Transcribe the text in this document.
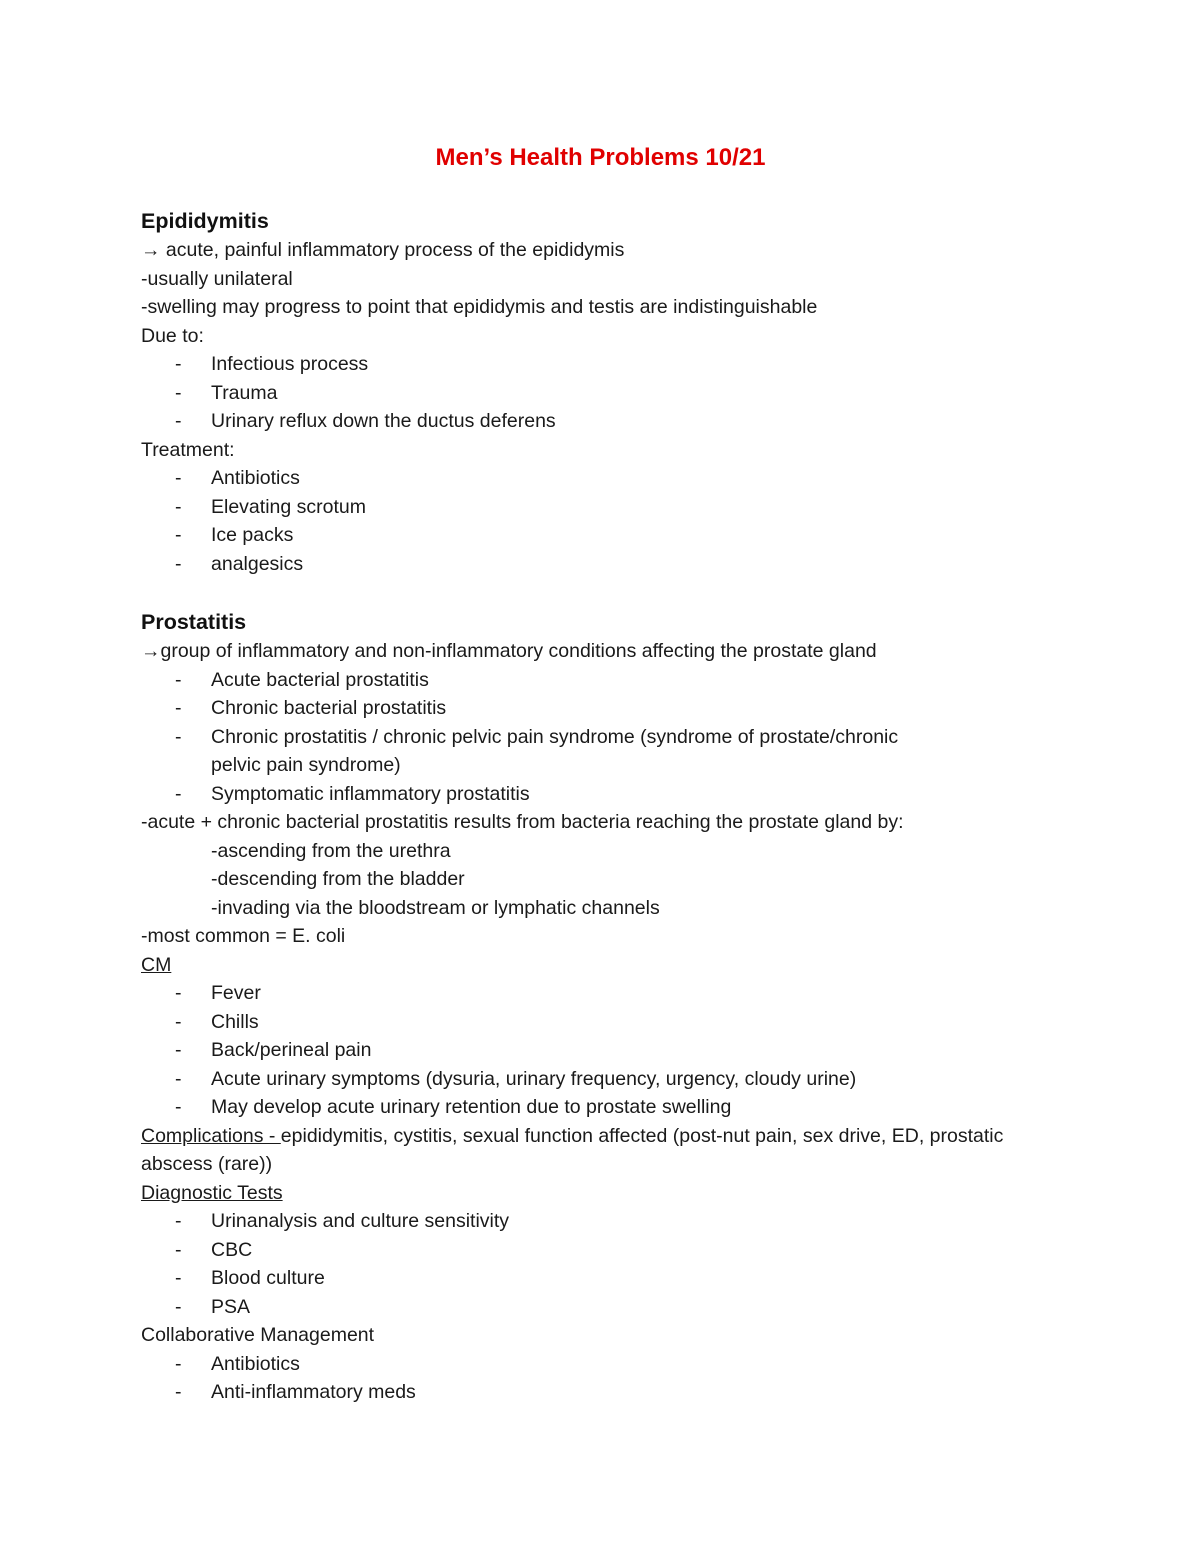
Men’s Health Problems 10/21
Epididymitis
→ acute, painful inflammatory process of the epididymis
-usually unilateral
-swelling may progress to point that epididymis and testis are indistinguishable
Due to:
- Infectious process
- Trauma
- Urinary reflux down the ductus deferens
Treatment:
- Antibiotics
- Elevating scrotum
- Ice packs
- analgesics
Prostatitis
→group of inflammatory and non-inflammatory conditions affecting the prostate gland
- Acute bacterial prostatitis
- Chronic bacterial prostatitis
- Chronic prostatitis / chronic pelvic pain syndrome (syndrome of prostate/chronic pelvic pain syndrome)
- Symptomatic inflammatory prostatitis
-acute + chronic bacterial prostatitis results from bacteria reaching the prostate gland by:
-ascending from the urethra
-descending from the bladder
-invading via the bloodstream or lymphatic channels
-most common = E. coli
CM
- Fever
- Chills
- Back/perineal pain
- Acute urinary symptoms (dysuria, urinary frequency, urgency, cloudy urine)
- May develop acute urinary retention due to prostate swelling
Complications - epididymitis, cystitis, sexual function affected (post-nut pain, sex drive, ED, prostatic abscess (rare))
Diagnostic Tests
- Urinanalysis and culture sensitivity
- CBC
- Blood culture
- PSA
Collaborative Management
- Antibiotics
- Anti-inflammatory meds
